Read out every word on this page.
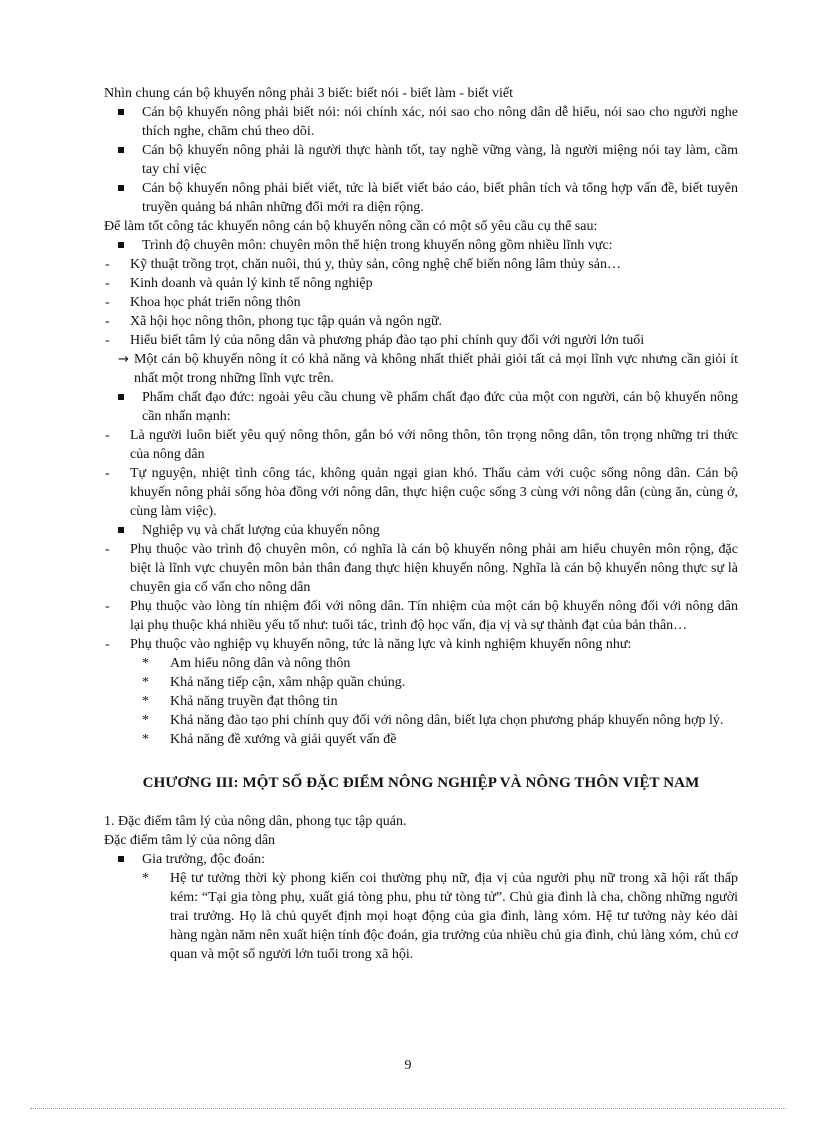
Nhìn chung cán bộ khuyến nông phải 3 biết: biết nói - biết làm - biết viết

Cán bộ khuyến nông phải biết nói: nói chính xác, nói sao cho nông dân dễ hiểu, nói sao cho người nghe thích nghe, chăm chú theo dõi.
Cán bộ khuyến nông phải là người thực hành tốt, tay nghề vững vàng, là người miệng nói tay làm, cầm tay chỉ việc
Cán bộ khuyến nông phải biết viết, tức là biết viết báo cáo, biết phân tích và tổng hợp vấn đề, biết tuyên truyền quảng bá nhân những đổi mới ra diện rộng.

Để làm tốt công tác khuyến nông cán bộ khuyến nông cần có một số yêu cầu cụ thể sau:

Trình độ chuyên môn: chuyên môn thể hiện trong khuyến nông gồm nhiều lĩnh vực:
- Kỹ thuật trồng trọt, chăn nuôi, thú y, thủy sản, công nghệ chế biến nông lâm thủy sản…
- Kinh doanh và quản lý kinh tế nông nghiệp
- Khoa học phát triển nông thôn
- Xã hội học nông thôn, phong tục tập quán và ngôn ngữ.
- Hiểu biết tâm lý của nông dân và phương pháp đào tạo phi chính quy đối với người lớn tuổi
→ Một cán bộ khuyến nông ít có khả năng và không nhất thiết phải giỏi tất cả mọi lĩnh vực nhưng cần giỏi ít nhất một trong những lĩnh vực trên.
Phẩm chất đạo đức: ngoài yêu cầu chung về phẩm chất đạo đức của một con người, cán bộ khuyến nông cần nhấn mạnh:
- Là người luôn biết yêu quý nông thôn, gắn bó với nông thôn, tôn trọng nông dân, tôn trọng những tri thức của nông dân
- Tự nguyện, nhiệt tình công tác, không quản ngại gian khó. Thấu cảm với cuộc sống nông dân. Cán bộ khuyến nông phải sống hòa đồng với nông dân, thực hiện cuộc sống 3 cùng với nông dân (cùng ăn, cùng ở, cùng làm việc).
Nghiệp vụ và chất lượng của khuyến nông
- Phụ thuộc vào trình độ chuyên môn, có nghĩa là cán bộ khuyến nông phải am hiểu chuyên môn rộng, đặc biệt là lĩnh vực chuyên môn bản thân đang thực hiện khuyến nông. Nghĩa là cán bộ khuyến nông thực sự là chuyên gia cố vấn cho nông dân
- Phụ thuộc vào lòng tín nhiệm đối với nông dân. Tín nhiệm của một cán bộ khuyến nông đối với nông dân lại phụ thuộc khá nhiều yếu tố như: tuổi tác, trình độ học vấn, địa vị và sự thành đạt của bản thân…
- Phụ thuộc vào nghiệp vụ khuyến nông, tức là năng lực và kinh nghiệm khuyến nông như:
* Am hiểu nông dân và nông thôn
* Khả năng tiếp cận, xâm nhập quần chúng.
* Khả năng truyền đạt thông tin
* Khả năng đào tạo phi chính quy đối với nông dân, biết lựa chọn phương pháp khuyến nông hợp lý.
* Khả năng đề xướng và giải quyết vấn đề

CHƯƠNG III: MỘT SỐ ĐẶC ĐIỂM NÔNG NGHIỆP VÀ NÔNG THÔN VIỆT NAM

1. Đặc điểm tâm lý của nông dân, phong tục tập quán.

Đặc điểm tâm lý của nông dân

Gia trưởng, độc đoán:
* Hệ tư tưởng thời kỳ phong kiến coi thường phụ nữ, địa vị của người phụ nữ trong xã hội rất thấp kém: “Tại gia tòng phụ, xuất giá tòng phu, phu tử tòng tử”. Chủ gia đình là cha, chồng những người trai trưởng. Họ là chủ quyết định mọi hoạt động của gia đình, làng xóm. Hệ tư tưởng này kéo dài hàng ngàn năm nên xuất hiện tính độc đoán, gia trưởng của nhiều chủ gia đình, chủ làng xóm, chủ cơ quan và một số người lớn tuổi trong xã hội.
9
